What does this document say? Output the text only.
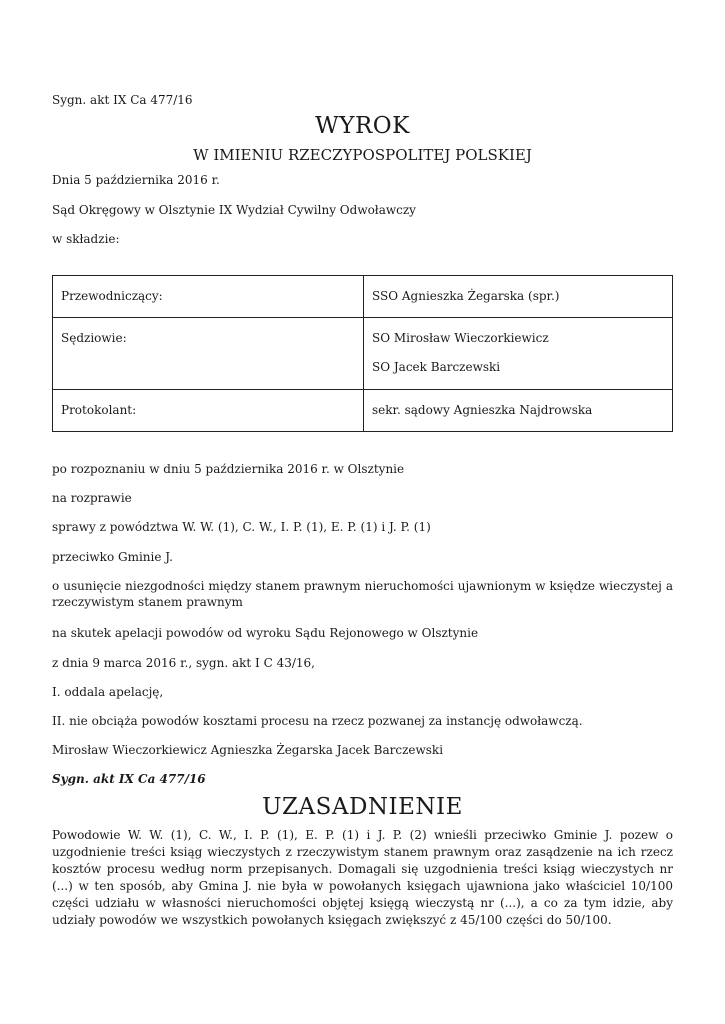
Sygn. akt IX Ca 477/16
WYROK
W IMIENIU RZECZYPOSPOLITEJ POLSKIEJ
Dnia 5 października 2016 r.
Sąd Okręgowy w Olsztynie IX Wydział Cywilny Odwoławczy
w składzie:
Przewodniczący:	SSO Agnieszka Żegarska (spr.)

Sędziowie:	SO Mirosław Wieczorkiewicz
SO Jacek Barczewski

Protokolant:	sekr. sądowy Agnieszka Najdrowska
po rozpoznaniu w dniu 5 października 2016 r. w Olsztynie
na rozprawie
sprawy z powództwa W. W. (1), C. W., I. P. (1), E. P. (1) i J. P. (1)
przeciwko Gminie J.
o usunięcie niezgodności między stanem prawnym nieruchomości ujawnionym w księdze wieczystej a rzeczywistym stanem prawnym
na skutek apelacji powodów od wyroku Sądu Rejonowego w Olsztynie
z dnia 9 marca 2016 r., sygn. akt I C 43/16,
I. oddala apelację,
II. nie obciąża powodów kosztami procesu na rzecz pozwanej za instancję odwoławczą.
Mirosław Wieczorkiewicz Agnieszka Żegarska Jacek Barczewski
Sygn. akt IX Ca 477/16
UZASADNIENIE
Powodowie W. W. (1), C. W., I. P. (1), E. P. (1) i J. P. (2) wnieśli przeciwko Gminie J. pozew o uzgodnienie treści ksiąg wieczystych z rzeczywistym stanem prawnym oraz zasądzenie na ich rzecz kosztów procesu według norm przepisanych. Domagali się uzgodnienia treści ksiąg wieczystych nr (...) w ten sposób, aby Gmina J. nie była w powołanych księgach ujawniona jako właściciel 10/100 części udziału w własności nieruchomości objętej księgą wieczystą nr (...), a co za tym idzie, aby udziały powodów we wszystkich powołanych księgach zwiększyć z 45/100 części do 50/100.
